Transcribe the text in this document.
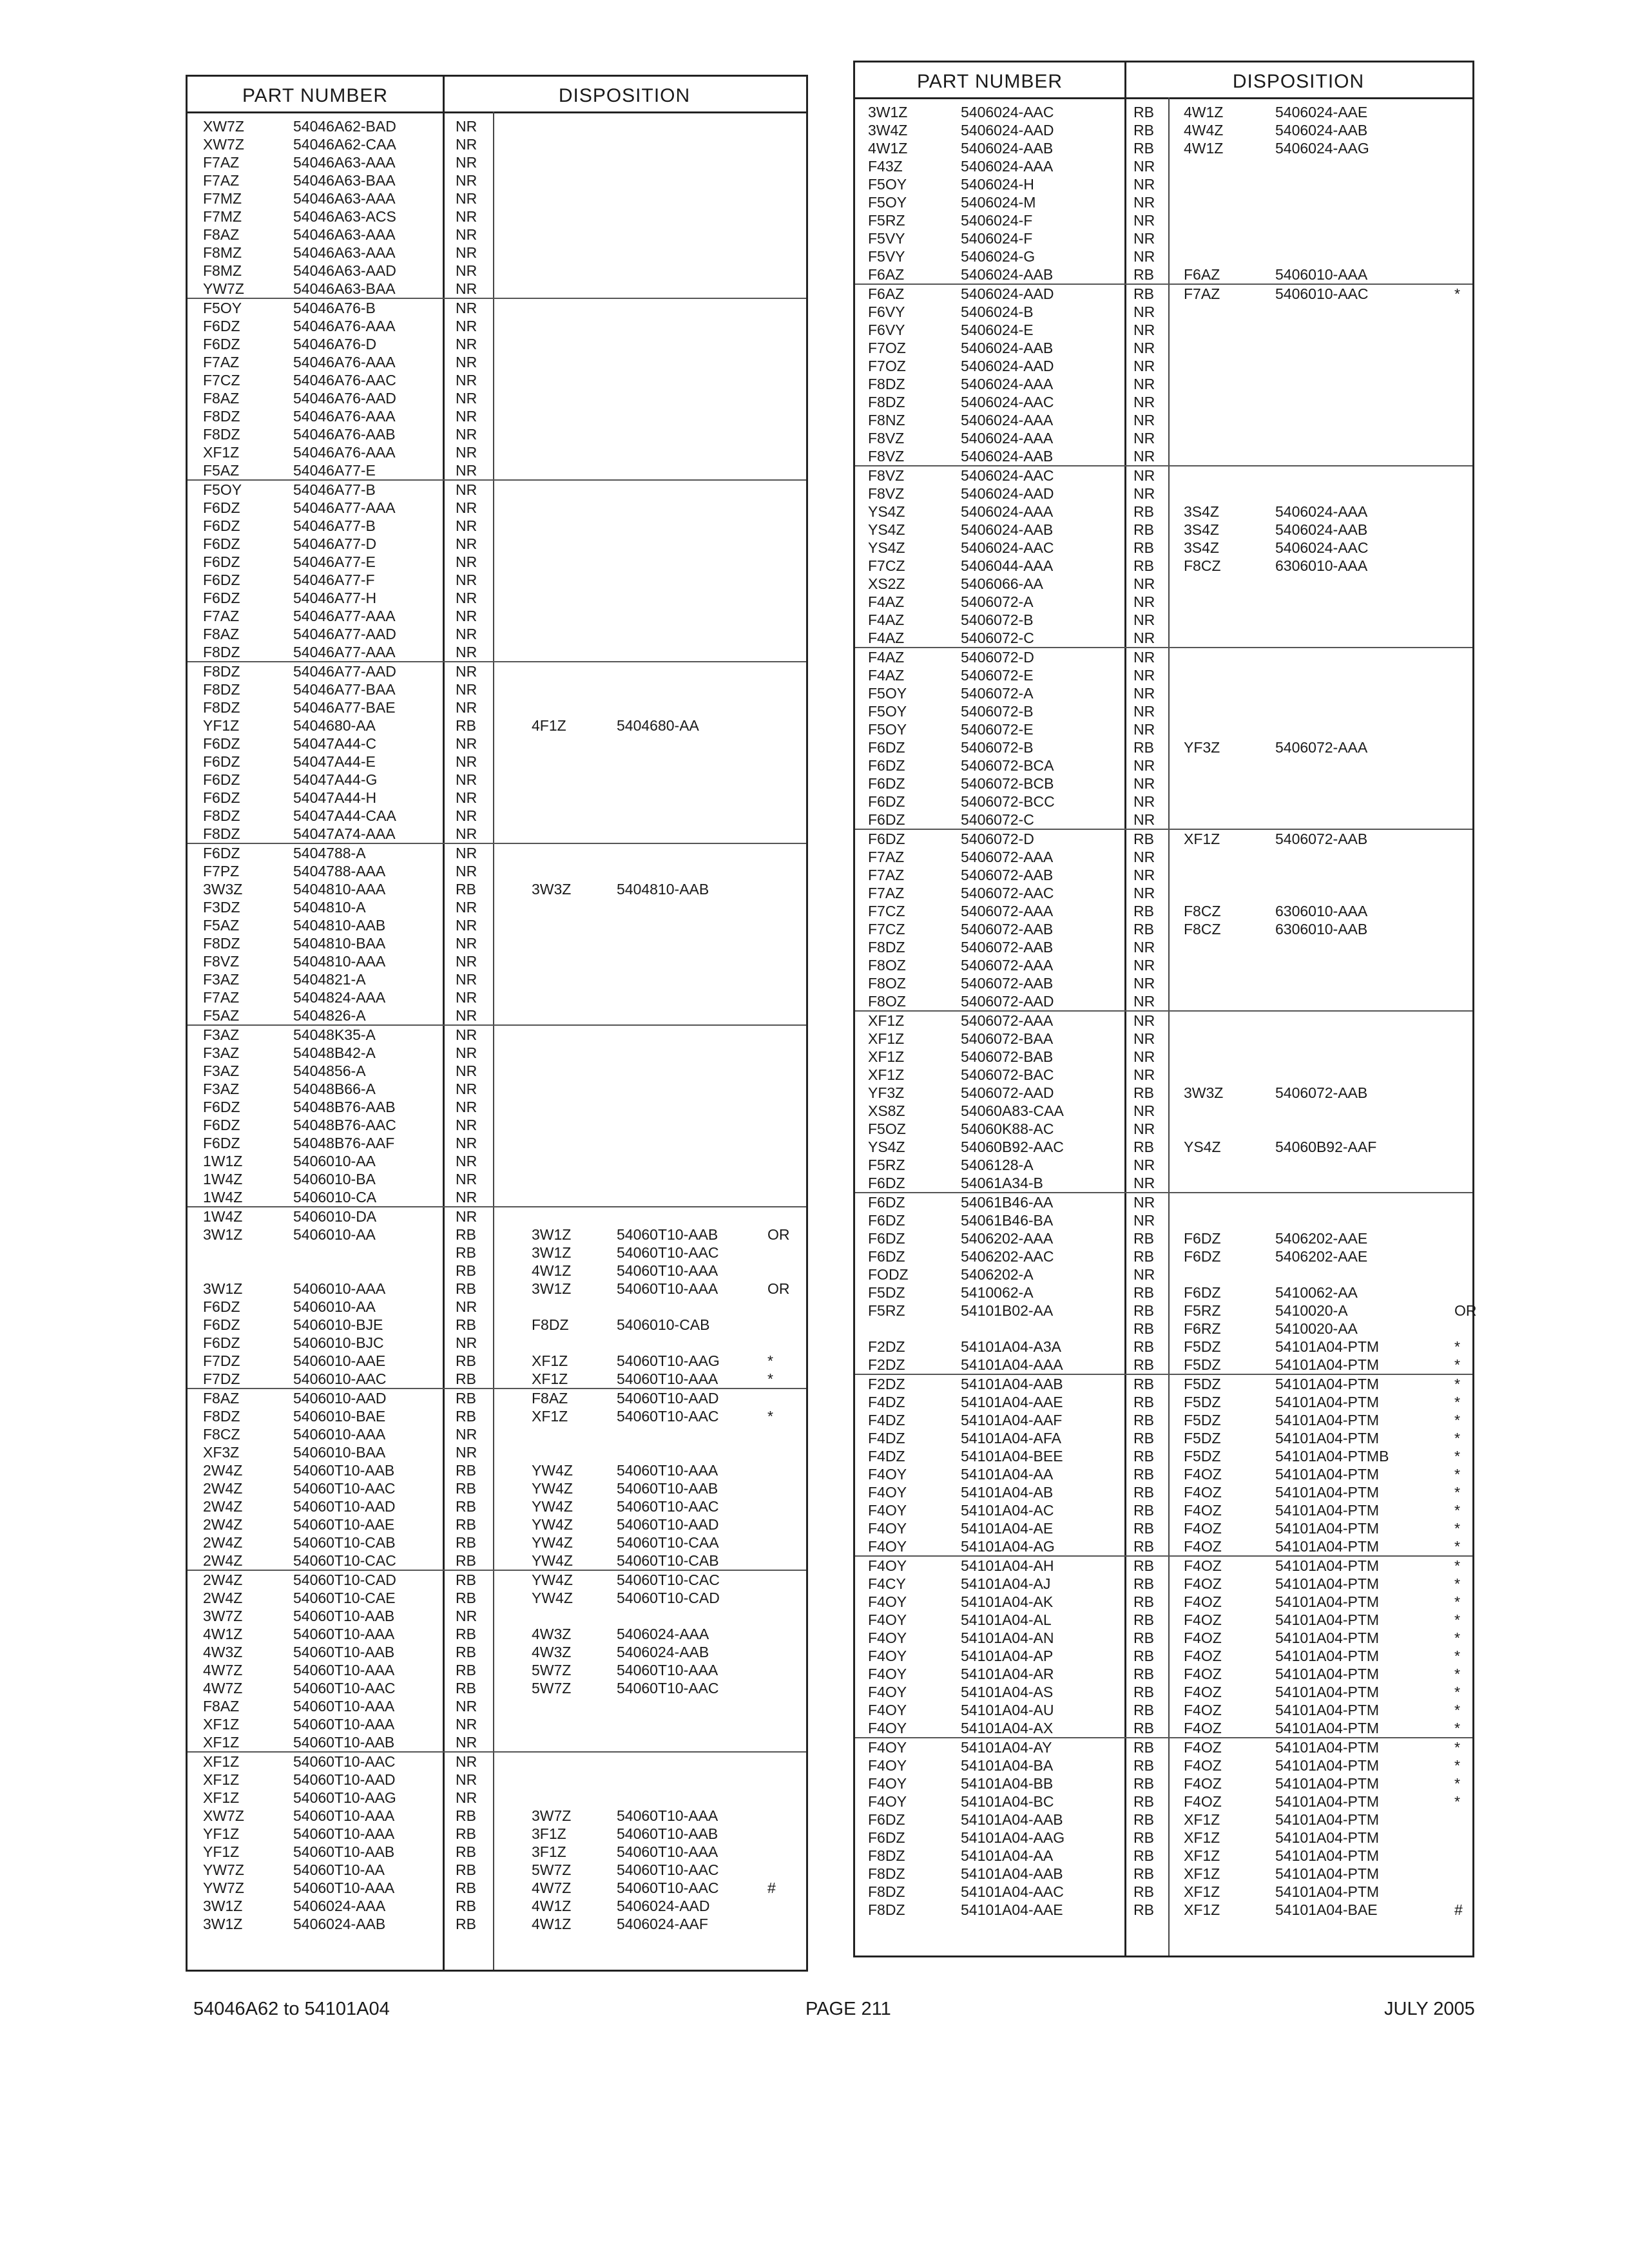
PART NUMBER	DISPOSITION
XW7Z	54046A62-BAD	NR
XW7Z	54046A62-CAA	NR
F7AZ	54046A63-AAA	NR
F7AZ	54046A63-BAA	NR
F7MZ	54046A63-AAA	NR
F7MZ	54046A63-ACS	NR
F8AZ	54046A63-AAA	NR
F8MZ	54046A63-AAA	NR
F8MZ	54046A63-AAD	NR
YW7Z	54046A63-BAA	NR
F5OY	54046A76-B	NR
F6DZ	54046A76-AAA	NR
F6DZ	54046A76-D	NR
F7AZ	54046A76-AAA	NR
F7CZ	54046A76-AAC	NR
F8AZ	54046A76-AAD	NR
F8DZ	54046A76-AAA	NR
F8DZ	54046A76-AAB	NR
XF1Z	54046A76-AAA	NR
F5AZ	54046A77-E	NR
F5OY	54046A77-B	NR
F6DZ	54046A77-AAA	NR
F6DZ	54046A77-B	NR
F6DZ	54046A77-D	NR
F6DZ	54046A77-E	NR
F6DZ	54046A77-F	NR
F6DZ	54046A77-H	NR
F7AZ	54046A77-AAA	NR
F8AZ	54046A77-AAD	NR
F8DZ	54046A77-AAA	NR
F8DZ	54046A77-AAD	NR
F8DZ	54046A77-BAA	NR
F8DZ	54046A77-BAE	NR
YF1Z	5404680-AA	RB	4F1Z	5404680-AA
F6DZ	54047A44-C	NR
F6DZ	54047A44-E	NR
F6DZ	54047A44-G	NR
F6DZ	54047A44-H	NR
F8DZ	54047A44-CAA	NR
F8DZ	54047A74-AAA	NR
F6DZ	5404788-A	NR
F7PZ	5404788-AAA	NR
3W3Z	5404810-AAA	RB	3W3Z	5404810-AAB
F3DZ	5404810-A	NR
F5AZ	5404810-AAB	NR
F8DZ	5404810-BAA	NR
F8VZ	5404810-AAA	NR
F3AZ	5404821-A	NR
F7AZ	5404824-AAA	NR
F5AZ	5404826-A	NR
F3AZ	54048K35-A	NR
F3AZ	54048B42-A	NR
F3AZ	5404856-A	NR
F3AZ	54048B66-A	NR
F6DZ	54048B76-AAB	NR
F6DZ	54048B76-AAC	NR
F6DZ	54048B76-AAF	NR
1W1Z	5406010-AA	NR
1W4Z	5406010-BA	NR
1W4Z	5406010-CA	NR
1W4Z	5406010-DA	NR
3W1Z	5406010-AA	RB	3W1Z	54060T10-AAB	OR
RB	3W1Z	54060T10-AAC
RB	4W1Z	54060T10-AAA
3W1Z	5406010-AAA	RB	3W1Z	54060T10-AAA	OR
F6DZ	5406010-AA	NR
F6DZ	5406010-BJE	RB	F8DZ	5406010-CAB
F6DZ	5406010-BJC	NR
F7DZ	5406010-AAE	RB	XF1Z	54060T10-AAG	*
F7DZ	5406010-AAC	RB	XF1Z	54060T10-AAA	*
F8AZ	5406010-AAD	RB	F8AZ	54060T10-AAD
F8DZ	5406010-BAE	RB	XF1Z	54060T10-AAC	*
F8CZ	5406010-AAA	NR
XF3Z	5406010-BAA	NR
2W4Z	54060T10-AAB	RB	YW4Z	54060T10-AAA
2W4Z	54060T10-AAC	RB	YW4Z	54060T10-AAB
2W4Z	54060T10-AAD	RB	YW4Z	54060T10-AAC
2W4Z	54060T10-AAE	RB	YW4Z	54060T10-AAD
2W4Z	54060T10-CAB	RB	YW4Z	54060T10-CAA
2W4Z	54060T10-CAC	RB	YW4Z	54060T10-CAB
2W4Z	54060T10-CAD	RB	YW4Z	54060T10-CAC
2W4Z	54060T10-CAE	RB	YW4Z	54060T10-CAD
3W7Z	54060T10-AAB	NR
4W1Z	54060T10-AAA	RB	4W3Z	5406024-AAA
4W3Z	54060T10-AAB	RB	4W3Z	5406024-AAB
4W7Z	54060T10-AAA	RB	5W7Z	54060T10-AAA
4W7Z	54060T10-AAC	RB	5W7Z	54060T10-AAC
F8AZ	54060T10-AAA	NR
XF1Z	54060T10-AAA	NR
XF1Z	54060T10-AAB	NR
XF1Z	54060T10-AAC	NR
XF1Z	54060T10-AAD	NR
XF1Z	54060T10-AAG	NR
XW7Z	54060T10-AAA	RB	3W7Z	54060T10-AAA
YF1Z	54060T10-AAA	RB	3F1Z	54060T10-AAB
YF1Z	54060T10-AAB	RB	3F1Z	54060T10-AAA
YW7Z	54060T10-AA	RB	5W7Z	54060T10-AAC
YW7Z	54060T10-AAA	RB	4W7Z	54060T10-AAC	#
3W1Z	5406024-AAA	RB	4W1Z	5406024-AAD
3W1Z	5406024-AAB	RB	4W1Z	5406024-AAF
PART NUMBER	DISPOSITION
3W1Z	5406024-AAC	RB 4W1Z	5406024-AAE
3W4Z	5406024-AAD	RB 4W4Z	5406024-AAB
4W1Z	5406024-AAB	RB 4W1Z	5406024-AAG
F43Z	5406024-AAA	NR
F5OY	5406024-H	NR
F5OY	5406024-M	NR
F5RZ	5406024-F	NR
F5VY	5406024-F	NR
F5VY	5406024-G	NR
F6AZ	5406024-AAB	RB F6AZ	5406010-AAA
F6AZ	5406024-AAD	RB F7AZ	5406010-AAC	*
F6VY	5406024-B	NR
F6VY	5406024-E	NR
F7OZ	5406024-AAB	NR
F7OZ	5406024-AAD	NR
F8DZ	5406024-AAA	NR
F8DZ	5406024-AAC	NR
F8NZ	5406024-AAA	NR
F8VZ	5406024-AAA	NR
F8VZ	5406024-AAB	NR
F8VZ	5406024-AAC	NR
F8VZ	5406024-AAD	NR
YS4Z	5406024-AAA	RB 3S4Z	5406024-AAA
YS4Z	5406024-AAB	RB 3S4Z	5406024-AAB
YS4Z	5406024-AAC	RB 3S4Z	5406024-AAC
F7CZ	5406044-AAA	RB F8CZ	6306010-AAA
XS2Z	5406066-AA	NR
F4AZ	5406072-A	NR
F4AZ	5406072-B	NR
F4AZ	5406072-C	NR
F4AZ	5406072-D	NR
F4AZ	5406072-E	NR
F5OY	5406072-A	NR
F5OY	5406072-B	NR
F5OY	5406072-E	NR
F6DZ	5406072-B	RB YF3Z	5406072-AAA
F6DZ	5406072-BCA	NR
F6DZ	5406072-BCB	NR
F6DZ	5406072-BCC	NR
F6DZ	5406072-C	NR
F6DZ	5406072-D	RB XF1Z	5406072-AAB
F7AZ	5406072-AAA	NR
F7AZ	5406072-AAB	NR
F7AZ	5406072-AAC	NR
F7CZ	5406072-AAA	RB F8CZ	6306010-AAA
F7CZ	5406072-AAB	RB F8CZ	6306010-AAB
F8DZ	5406072-AAB	NR
F8OZ	5406072-AAA	NR
F8OZ	5406072-AAB	NR
F8OZ	5406072-AAD	NR
XF1Z	5406072-AAA	NR
XF1Z	5406072-BAA	NR
XF1Z	5406072-BAB	NR
XF1Z	5406072-BAC	NR
YF3Z	5406072-AAD	RB 3W3Z	5406072-AAB
XS8Z	54060A83-CAA	NR
F5OZ	54060K88-AC	NR
YS4Z	54060B92-AAC	RB YS4Z	54060B92-AAF
F5RZ	5406128-A	NR
F6DZ	54061A34-B	NR
F6DZ	54061B46-AA	NR
F6DZ	54061B46-BA	NR
F6DZ	5406202-AAA	RB F6DZ	5406202-AAE
F6DZ	5406202-AAC	RB F6DZ	5406202-AAE
FODZ	5406202-A	NR
F5DZ	5410062-A	RB F6DZ	5410062-AA
F5RZ	54101B02-AA	RB F5RZ	5410020-A	OR
RB F6RZ	5410020-AA
F2DZ	54101A04-A3A	RB F5DZ	54101A04-PTM	*
F2DZ	54101A04-AAA	RB F5DZ	54101A04-PTM	*
F2DZ	54101A04-AAB	RB F5DZ	54101A04-PTM	*
F4DZ	54101A04-AAE	RB F5DZ	54101A04-PTM	*
F4DZ	54101A04-AAF	RB F5DZ	54101A04-PTM	*
F4DZ	54101A04-AFA	RB F5DZ	54101A04-PTM	*
F4DZ	54101A04-BEE	RB F5DZ	54101A04-PTMB	*
F4OY	54101A04-AA	RB F4OZ	54101A04-PTM	*
F4OY	54101A04-AB	RB F4OZ	54101A04-PTM	*
F4OY	54101A04-AC	RB F4OZ	54101A04-PTM	*
F4OY	54101A04-AE	RB F4OZ	54101A04-PTM	*
F4OY	54101A04-AG	RB F4OZ	54101A04-PTM	*
F4OY	54101A04-AH	RB F4OZ	54101A04-PTM	*
F4CY	54101A04-AJ	RB F4OZ	54101A04-PTM	*
F4OY	54101A04-AK	RB F4OZ	54101A04-PTM	*
F4OY	54101A04-AL	RB F4OZ	54101A04-PTM	*
F4OY	54101A04-AN	RB F4OZ	54101A04-PTM	*
F4OY	54101A04-AP	RB F4OZ	54101A04-PTM	*
F4OY	54101A04-AR	RB F4OZ	54101A04-PTM	*
F4OY	54101A04-AS	RB F4OZ	54101A04-PTM	*
F4OY	54101A04-AU	RB F4OZ	54101A04-PTM	*
F4OY	54101A04-AX	RB F4OZ	54101A04-PTM	*
F4OY	54101A04-AY	RB F4OZ	54101A04-PTM	*
F4OY	54101A04-BA	RB F4OZ	54101A04-PTM	*
F4OY	54101A04-BB	RB F4OZ	54101A04-PTM	*
F4OY	54101A04-BC	RB F4OZ	54101A04-PTM	*
F6DZ	54101A04-AAB	RB XF1Z	54101A04-PTM
F6DZ	54101A04-AAG	RB XF1Z	54101A04-PTM
F8DZ	54101A04-AA	RB XF1Z	54101A04-PTM
F8DZ	54101A04-AAB	RB XF1Z	54101A04-PTM
F8DZ	54101A04-AAC	RB XF1Z	54101A04-PTM
F8DZ	54101A04-AAE	RB XF1Z	54101A04-BAE	#
54046A62 to 54101A04	PAGE 211	JULY 2005
